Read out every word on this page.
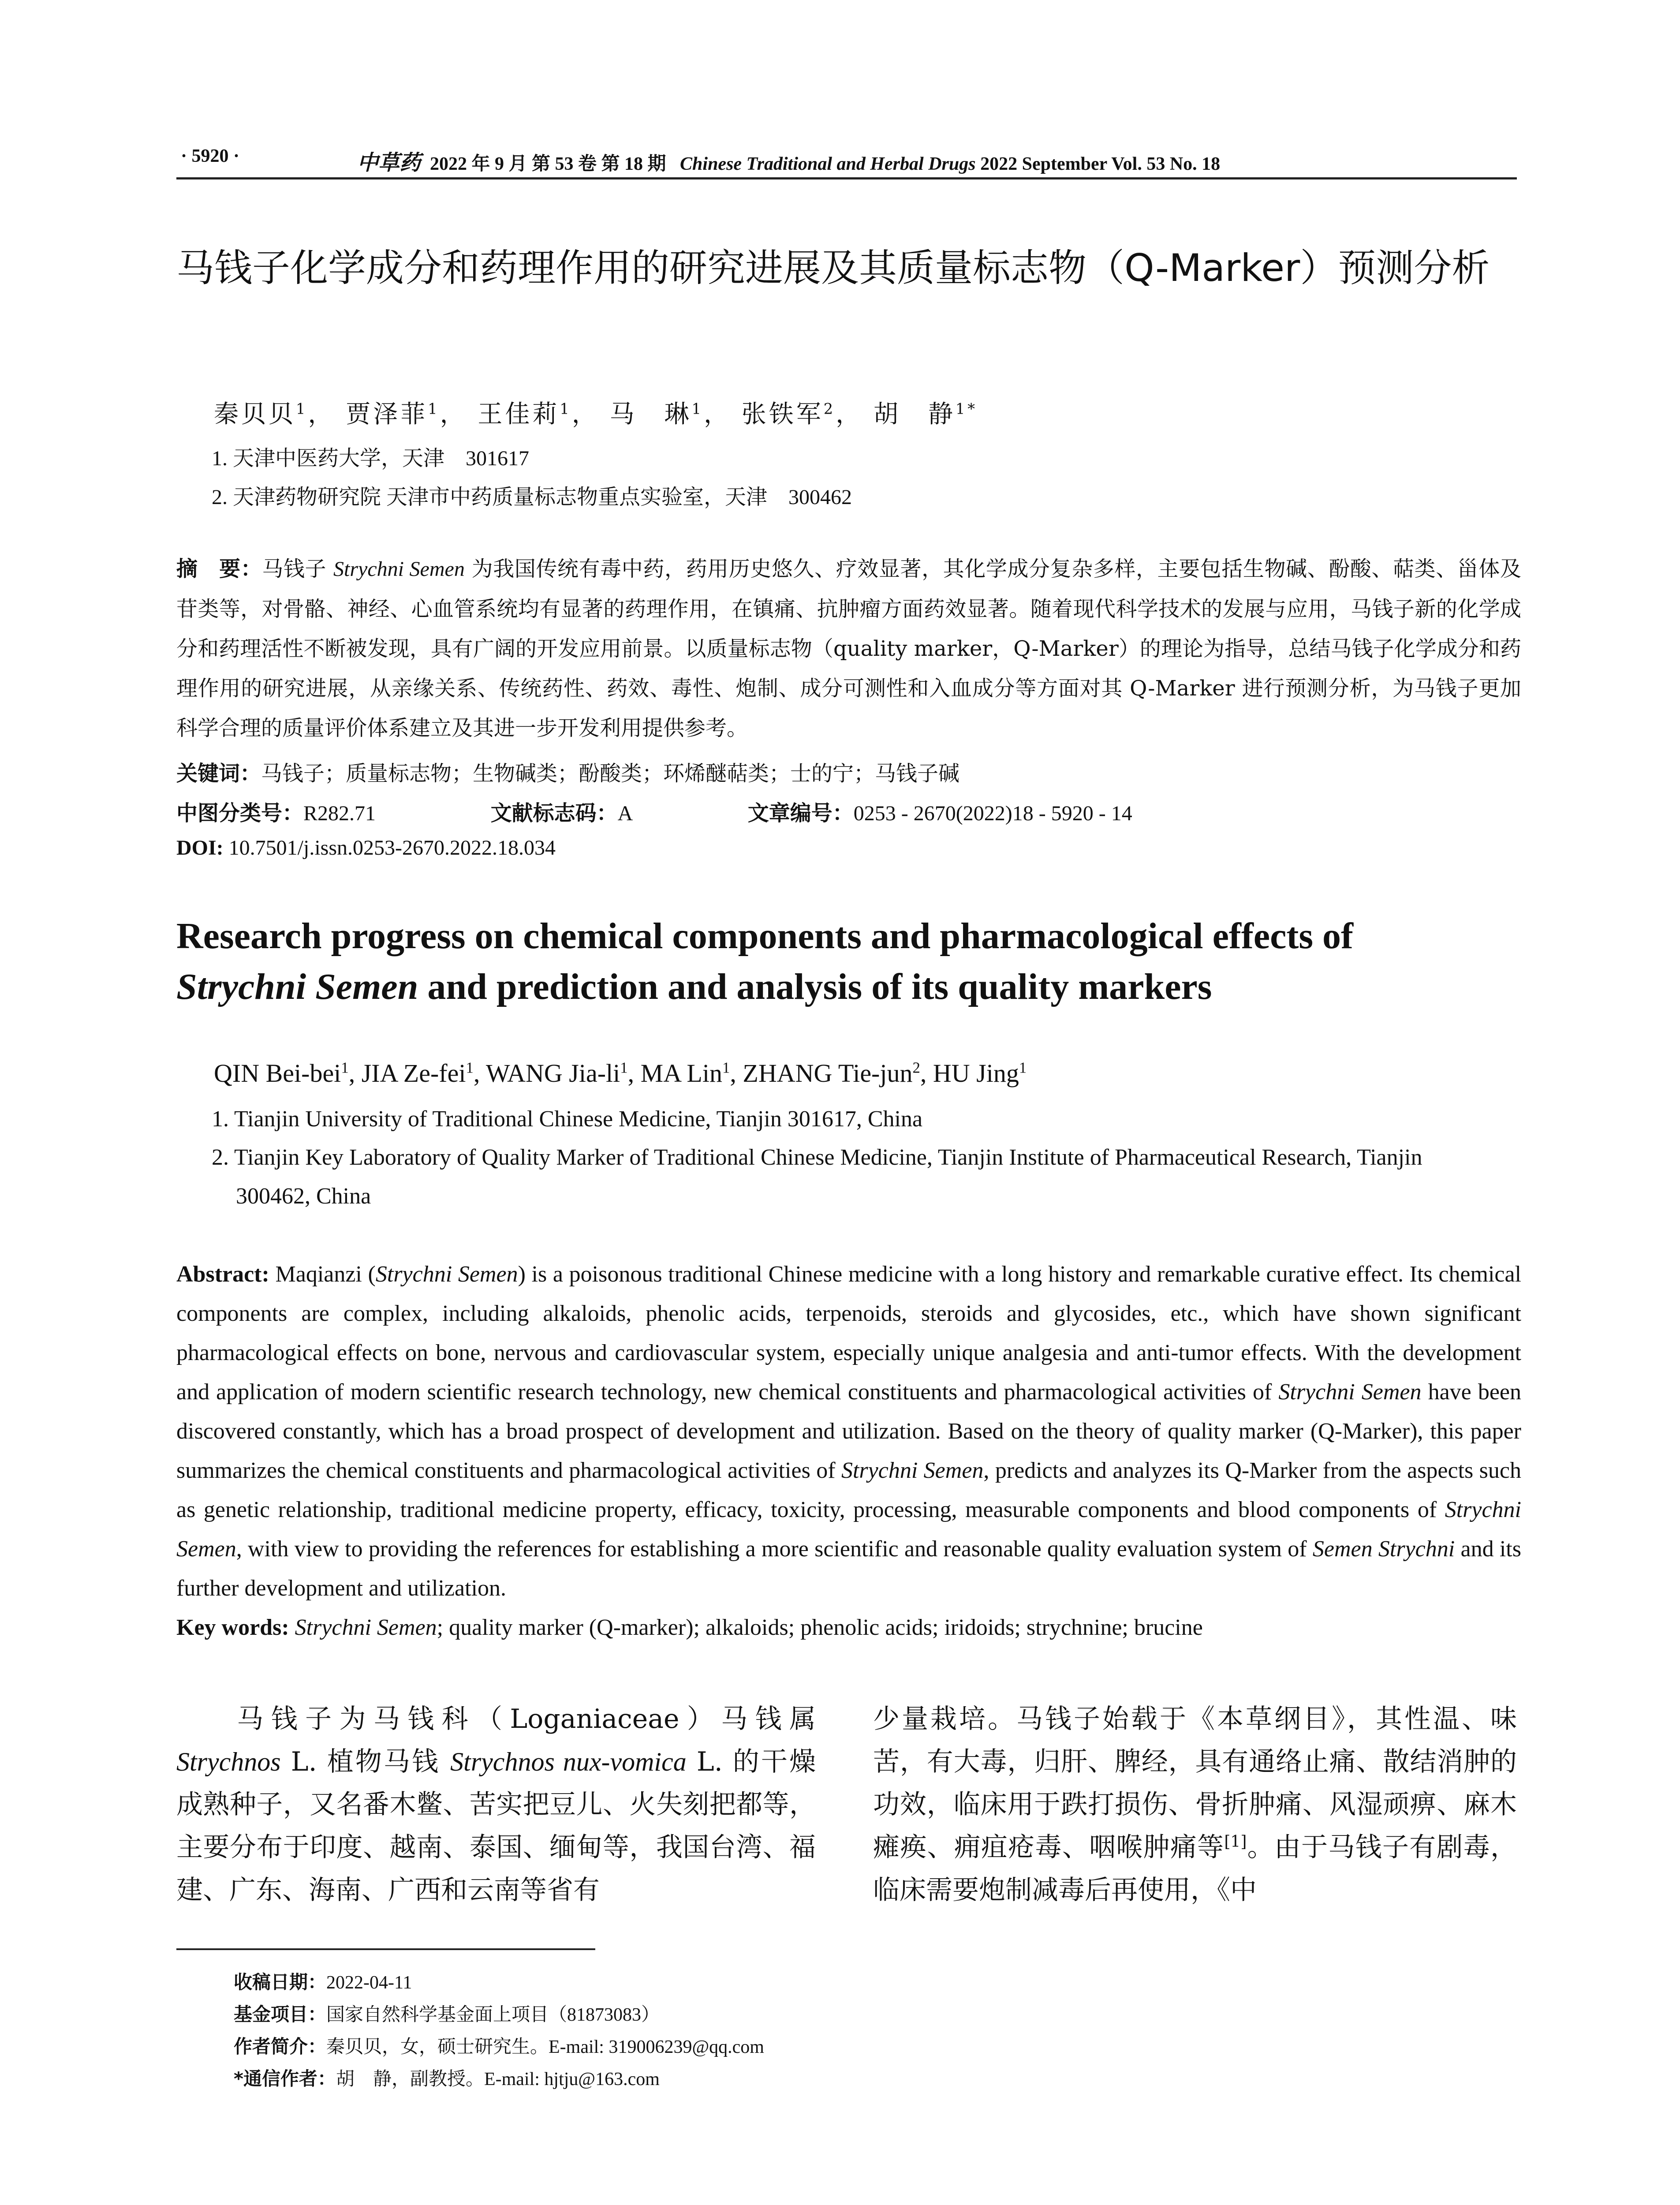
· 5920 ·	中草药 2022 年 9 月 第 53 卷 第 18 期 Chinese Traditional and Herbal Drugs 2022 September Vol. 53 No. 18
马钱子化学成分和药理作用的研究进展及其质量标志物（Q-Marker）预测分析
秦贝贝$^1$， 贾泽菲$^1$， 王佳莉$^1$， 马　琳$^1$， 张铁军$^2$， 胡　静$^{1*}$
1. 天津中医药大学，天津　301617
2. 天津药物研究院 天津市中药质量标志物重点实验室，天津　300462
摘　要：马钱子 Strychni Semen 为我国传统有毒中药，药用历史悠久、疗效显著，其化学成分复杂多样，主要包括生物碱、酚酸、萜类、甾体及苷类等，对骨骼、神经、心血管系统均有显著的药理作用，在镇痛、抗肿瘤方面药效显著。随着现代科学技术的发展与应用，马钱子新的化学成分和药理活性不断被发现，具有广阔的开发应用前景。以质量标志物（quality marker，Q-Marker）的理论为指导，总结马钱子化学成分和药理作用的研究进展，从亲缘关系、传统药性、药效、毒性、炮制、成分可测性和入血成分等方面对其 Q-Marker 进行预测分析，为马钱子更加科学合理的质量评价体系建立及其进一步开发利用提供参考。
关键词：马钱子；质量标志物；生物碱类；酚酸类；环烯醚萜类；士的宁；马钱子碱
中图分类号：R282.71	文献标志码：A	文章编号：0253 - 2670(2022)18 - 5920 - 14
DOI: 10.7501/j.issn.0253-2670.2022.18.034
Research progress on chemical components and pharmacological effects of
Strychni Semen and prediction and analysis of its quality markers
QIN Bei-bei$^1$, JIA Ze-fei$^1$, WANG Jia-$li^1$, MA Lin$^1$, ZHANG Tie-jun$^2$, HU Jing$^1$
1. Tianjin University of Traditional Chinese Medicine, Tianjin 301617, China
2. Tianjin Key Laboratory of Quality Marker of Traditional Chinese Medicine, Tianjin Institute of Pharmaceutical Research, Tianjin
300462, China
Abstract: Maqianzi (Strychni Semen) is a poisonous traditional Chinese medicine with a long history and remarkable curative effect. Its chemical components are complex, including alkaloids, phenolic acids, terpenoids, steroids and glycosides, etc., which have shown significant pharmacological effects on bone, nervous and cardiovascular system, especially unique analgesia and anti-tumor effects. With the development and application of modern scientific research technology, new chemical constituents and pharmacological activities of Strychni Semen have been discovered constantly, which has a broad prospect of development and utilization. Based on the theory of quality marker (Q-Marker), this paper summarizes the chemical constituents and pharmacological activities of Strychni Semen, predicts and analyzes its Q-Marker from the aspects such as genetic relationship, traditional medicine property, efficacy, toxicity, processing, measurable components and blood components of Strychni Semen, with view to providing the references for establishing a more scientific and reasonable quality evaluation system of Semen Strychni and its further development and utilization.
Key words: Strychni Semen; quality marker (Q-marker); alkaloids; phenolic acids; iridoids; strychnine; brucine
马钱子为马钱科（Loganiaceae）马钱属 Strychnos L. 植物马钱 Strychnos nux-vomica L. 的干燥成熟种子，又名番木鳖、苦实把豆儿、火失刻把都等，主要分布于印度、越南、泰国、缅甸等，我国台湾、福建、广东、海南、广西和云南等省有
少量栽培。马钱子始载于《本草纲目》，其性温、味苦，有大毒，归肝、脾经，具有通络止痛、散结消肿的功效，临床用于跌打损伤、骨折肿痛、风湿顽痹、麻木瘫痪、痈疽疮毒、咽喉肿痛等[1]。由于马钱子有剧毒，临床需要炮制减毒后再使用，《中
收稿日期：2022-04-11
基金项目：国家自然科学基金面上项目（81873083）
作者简介：秦贝贝，女，硕士研究生。E-mail: 319006239@qq.com
*通信作者：胡　静，副教授。E-mail: hjtju@163.com
